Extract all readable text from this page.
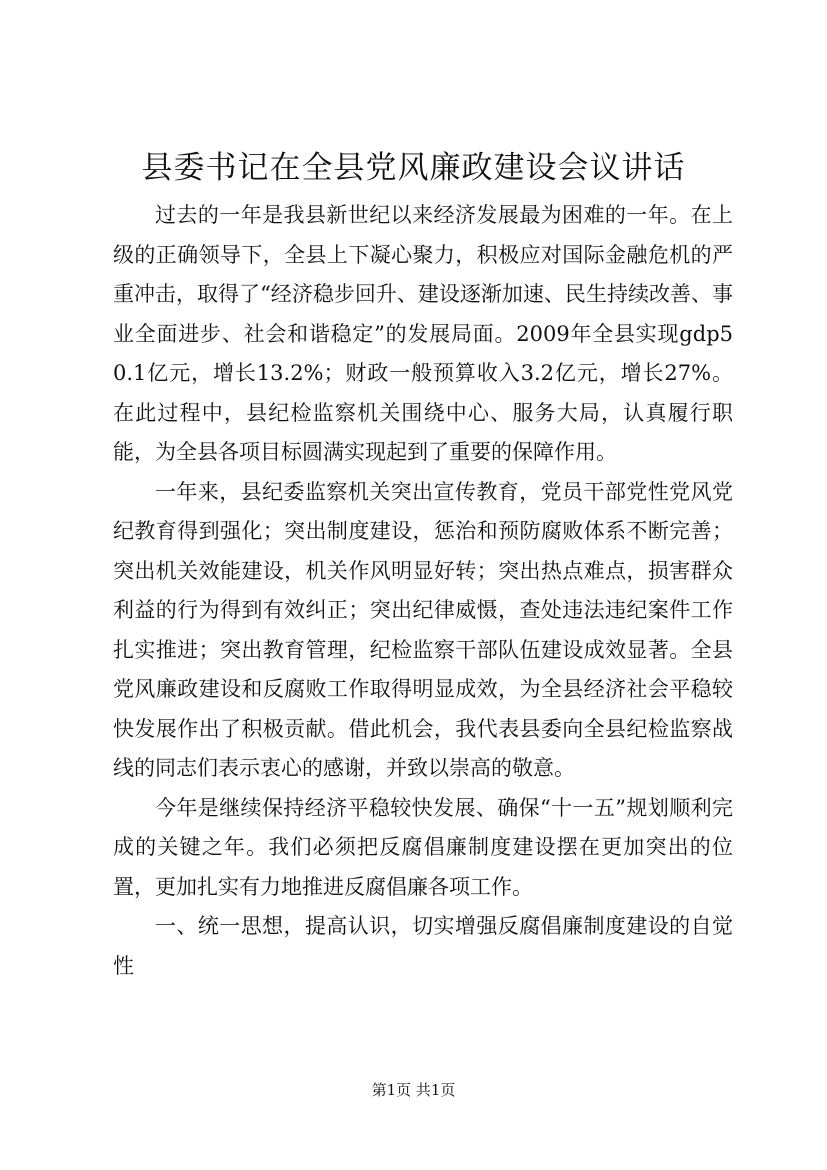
县委书记在全县党风廉政建设会议讲话

过去的一年是我县新世纪以来经济发展最为困难的一年。在上级的正确领导下，全县上下凝心聚力，积极应对国际金融危机的严重冲击，取得了“经济稳步回升、建设逐渐加速、民生持续改善、事业全面进步、社会和谐稳定”的发展局面。2009年全县实现gdp50.1亿元，增长13.2%；财政一般预算收入3.2亿元，增长27%。在此过程中，县纪检监察机关围绕中心、服务大局，认真履行职能，为全县各项目标圆满实现起到了重要的保障作用。

一年来，县纪委监察机关突出宣传教育，党员干部党性党风党纪教育得到强化；突出制度建设，惩治和预防腐败体系不断完善；突出机关效能建设，机关作风明显好转；突出热点难点，损害群众利益的行为得到有效纠正；突出纪律威慑，查处违法违纪案件工作扎实推进；突出教育管理，纪检监察干部队伍建设成效显著。全县党风廉政建设和反腐败工作取得明显成效，为全县经济社会平稳较快发展作出了积极贡献。借此机会，我代表县委向全县纪检监察战线的同志们表示衷心的感谢，并致以崇高的敬意。

今年是继续保持经济平稳较快发展、确保“十一五”规划顺利完成的关键之年。我们必须把反腐倡廉制度建设摆在更加突出的位置，更加扎实有力地推进反腐倡廉各项工作。

一、统一思想，提高认识，切实增强反腐倡廉制度建设的自觉性

第1页 共1页
